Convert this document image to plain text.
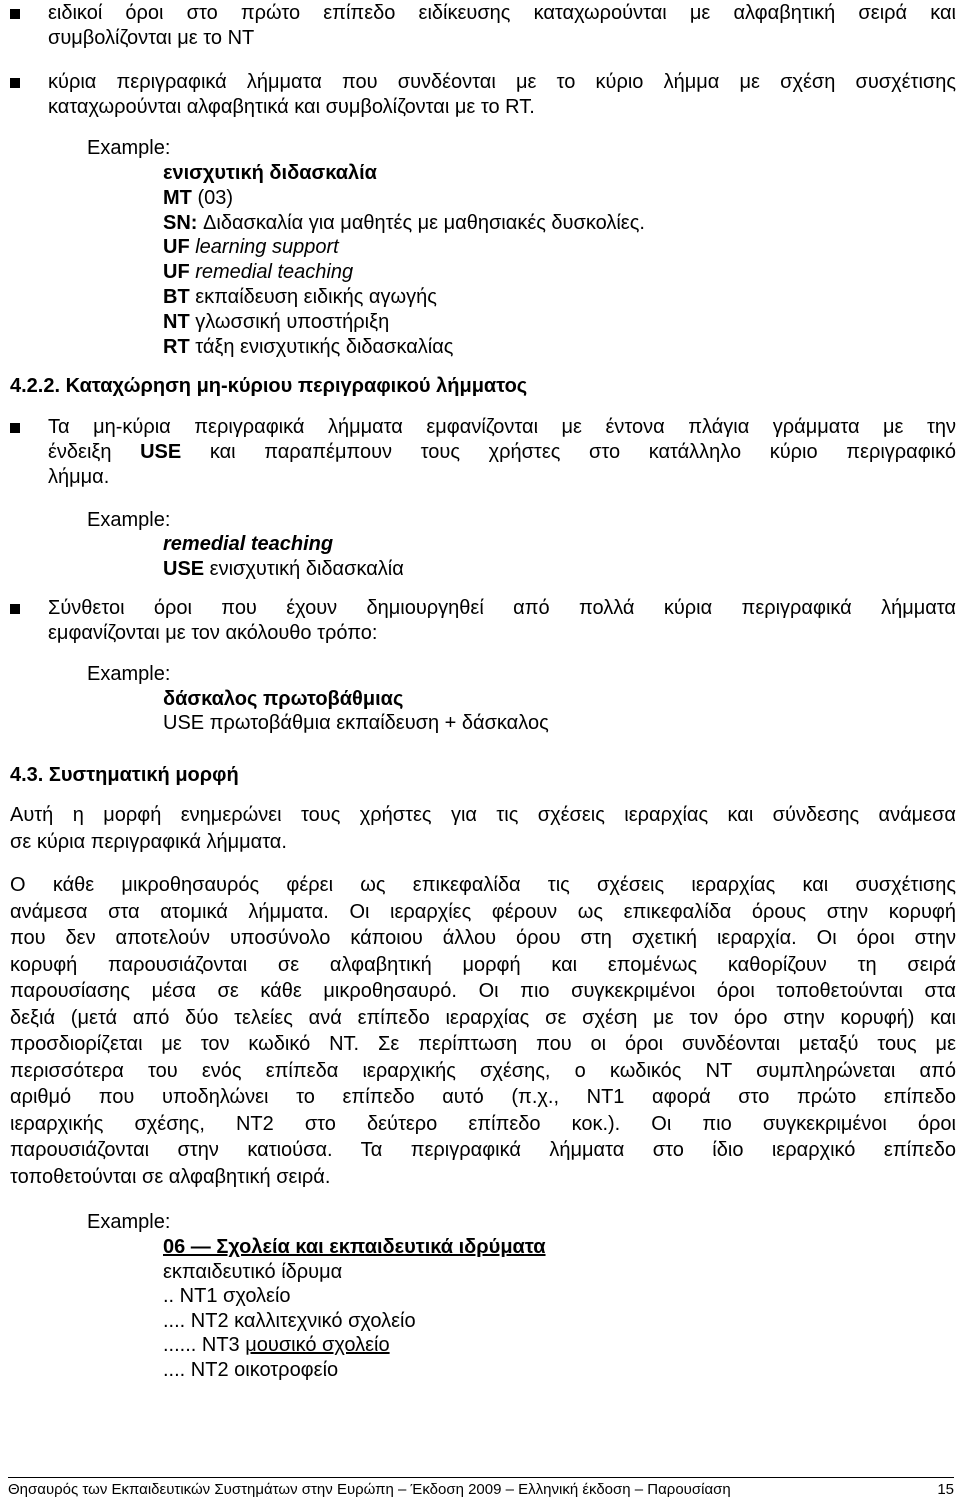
ειδικοί όροι στο πρώτο επίπεδο ειδίκευσης καταχωρούνται με αλφαβητική σειρά και
συμβολίζονται με το NT
κύρια περιγραφικά λήμματα που συνδέονται με το κύριο λήμμα με σχέση συσχέτισης
καταχωρούνται αλφαβητικά και συμβολίζονται με το RT.
Example:
ενισχυτική διδασκαλία
MT (03)
SN: Διδασκαλία για μαθητές με μαθησιακές δυσκολίες.
UF learning support
UF remedial teaching
BT εκπαίδευση ειδικής αγωγής
NT γλωσσική υποστήριξη
RT τάξη ενισχυτικής διδασκαλίας
4.2.2. Καταχώρηση μη-κύριου περιγραφικού λήμματος
Τα μη-κύρια περιγραφικά λήμματα εμφανίζονται με έντονα πλάγια γράμματα με την
ένδειξη USE και παραπέμπουν τους χρήστες στο κατάλληλο κύριο περιγραφικό
λήμμα.
Example:
remedial teaching
USE ενισχυτική διδασκαλία
Σύνθετοι όροι που έχουν δημιουργηθεί από πολλά κύρια περιγραφικά λήμματα
εμφανίζονται με τον ακόλουθο τρόπο:
Example:
δάσκαλος πρωτοβάθμιας
USE πρωτοβάθμια εκπαίδευση + δάσκαλος
4.3. Συστηματική μορφή
Αυτή η μορφή ενημερώνει τους χρήστες για τις σχέσεις ιεραρχίας και σύνδεσης ανάμεσα
σε κύρια περιγραφικά λήμματα.
Ο κάθε μικροθησαυρός φέρει ως επικεφαλίδα τις σχέσεις ιεραρχίας και συσχέτισης
ανάμεσα στα ατομικά λήμματα. Οι ιεραρχίες φέρουν ως επικεφαλίδα όρους στην κορυφή
που δεν αποτελούν υποσύνολο κάποιου άλλου όρου στη σχετική ιεραρχία. Οι όροι στην
κορυφή παρουσιάζονται σε αλφαβητική μορφή και επομένως καθορίζουν τη σειρά
παρουσίασης μέσα σε κάθε μικροθησαυρό. Οι πιο συγκεκριμένοι όροι τοποθετούνται στα
δεξιά (μετά από δύο τελείες ανά επίπεδο ιεραρχίας σε σχέση με τον όρο στην κορυφή) και
προσδιορίζεται με τον κωδικό NT. Σε περίπτωση που οι όροι συνδέονται μεταξύ τους με
περισσότερα του ενός επίπεδα ιεραρχικής σχέσης, ο κωδικός NT συμπληρώνεται από
αριθμό που υποδηλώνει το επίπεδο αυτό (π.χ., NT1 αφορά στο πρώτο επίπεδο
ιεραρχικής σχέσης, NT2 στο δεύτερο επίπεδο κοκ.). Οι πιο συγκεκριμένοι όροι
παρουσιάζονται στην κατιούσα. Τα περιγραφικά λήμματα στο ίδιο ιεραρχικό επίπεδο
τοποθετούνται σε αλφαβητική σειρά.
Example:
06 — Σχολεία και εκπαιδευτικά ιδρύματα
εκπαιδευτικό ίδρυμα
.. NT1 σχολείο
.... NT2 καλλιτεχνικό σχολείο
...... NT3 μουσικό σχολείο
.... NT2 οικοτροφείο
Θησαυρός των Εκπαιδευτικών Συστημάτων στην Ευρώπη – Έκδοση 2009 – Ελληνική έκδοση – Παρουσίαση	15
